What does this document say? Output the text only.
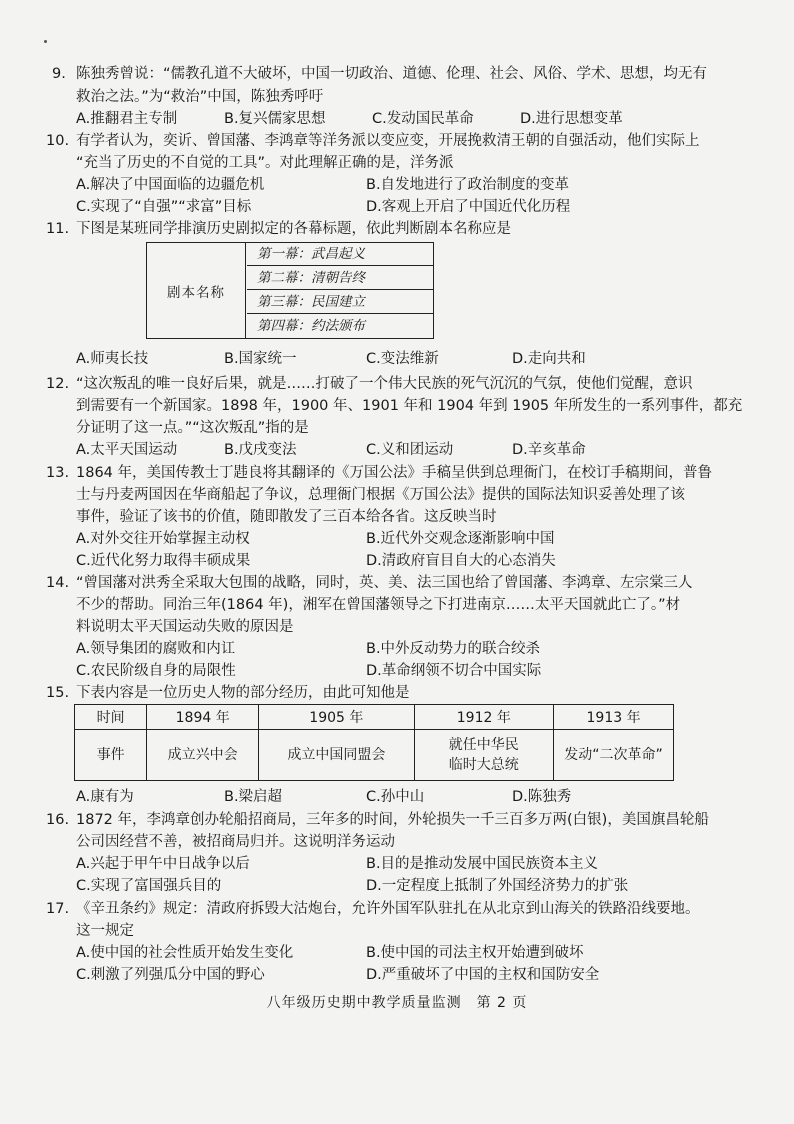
9. 陈独秀曾说：“儒教孔道不大破坏，中国一切政治、道德、伦理、社会、风俗、学术、思想，均无有
救治之法。”为“救治”中国，陈独秀呼吁
A.推翻君主专制	B.复兴儒家思想	C.发动国民革命	D.进行思想变革
10. 有学者认为，奕䜣、曾国藩、李鸿章等洋务派以变应变，开展挽救清王朝的自强活动，他们实际上
“充当了历史的不自觉的工具”。对此理解正确的是，洋务派
A.解决了中国面临的边疆危机	B.自发地进行了政治制度的变革
C.实现了“自强”“求富”目标	D.客观上开启了中国近代化历程
11. 下图是某班同学排演历史剧拟定的各幕标题，依此判断剧本名称应是
剧本名称
第一幕：武昌起义
第二幕：清朝告终
第三幕：民国建立
第四幕：约法颁布
A.师夷长技	B.国家统一	C.变法维新	D.走向共和
12. “这次叛乱的唯一良好后果，就是……打破了一个伟大民族的死气沉沉的气氛，使他们觉醒，意识
到需要有一个新国家。1898 年，1900 年、1901 年和 1904 年到 1905 年所发生的一系列事件，都充
分证明了这一点。”“这次叛乱”指的是
A.太平天国运动	B.戊戌变法	C.义和团运动	D.辛亥革命
13. 1864 年，美国传教士丁韪良将其翻译的《万国公法》手稿呈供到总理衙门，在校订手稿期间，普鲁
士与丹麦两国因在华商船起了争议，总理衙门根据《万国公法》提供的国际法知识妥善处理了该
事件，验证了该书的价值，随即散发了三百本给各省。这反映当时
A.对外交往开始掌握主动权	B.近代外交观念逐渐影响中国
C.近代化努力取得丰硕成果	D.清政府盲目自大的心态消失
14. “曾国藩对洪秀全采取大包围的战略，同时，英、美、法三国也给了曾国藩、李鸿章、左宗棠三人
不少的帮助。同治三年(1864 年)，湘军在曾国藩领导之下打进南京……太平天国就此亡了。”材
料说明太平天国运动失败的原因是
A.领导集团的腐败和内讧	B.中外反动势力的联合绞杀
C.农民阶级自身的局限性	D.革命纲领不切合中国实际
15. 下表内容是一位历史人物的部分经历，由此可知他是
时间	1894 年	1905 年	1912 年	1913 年
事件	成立兴中会	成立中国同盟会	就任中华民
临时大总统	发动“二次革命”
A.康有为	B.梁启超	C.孙中山	D.陈独秀
16. 1872 年，李鸿章创办轮船招商局，三年多的时间，外轮损失一千三百多万两(白银)，美国旗昌轮船
公司因经营不善，被招商局归并。这说明洋务运动
A.兴起于甲午中日战争以后	B.目的是推动发展中国民族资本主义
C.实现了富国强兵目的	D.一定程度上抵制了外国经济势力的扩张
17. 《辛丑条约》规定：清政府拆毁大沽炮台，允许外国军队驻扎在从北京到山海关的铁路沿线要地。
这一规定
A.使中国的社会性质开始发生变化	B.使中国的司法主权开始遭到破坏
C.刺激了列强瓜分中国的野心	D.严重破坏了中国的主权和国防安全
八年级历史期中教学质量监测　第 2 页
